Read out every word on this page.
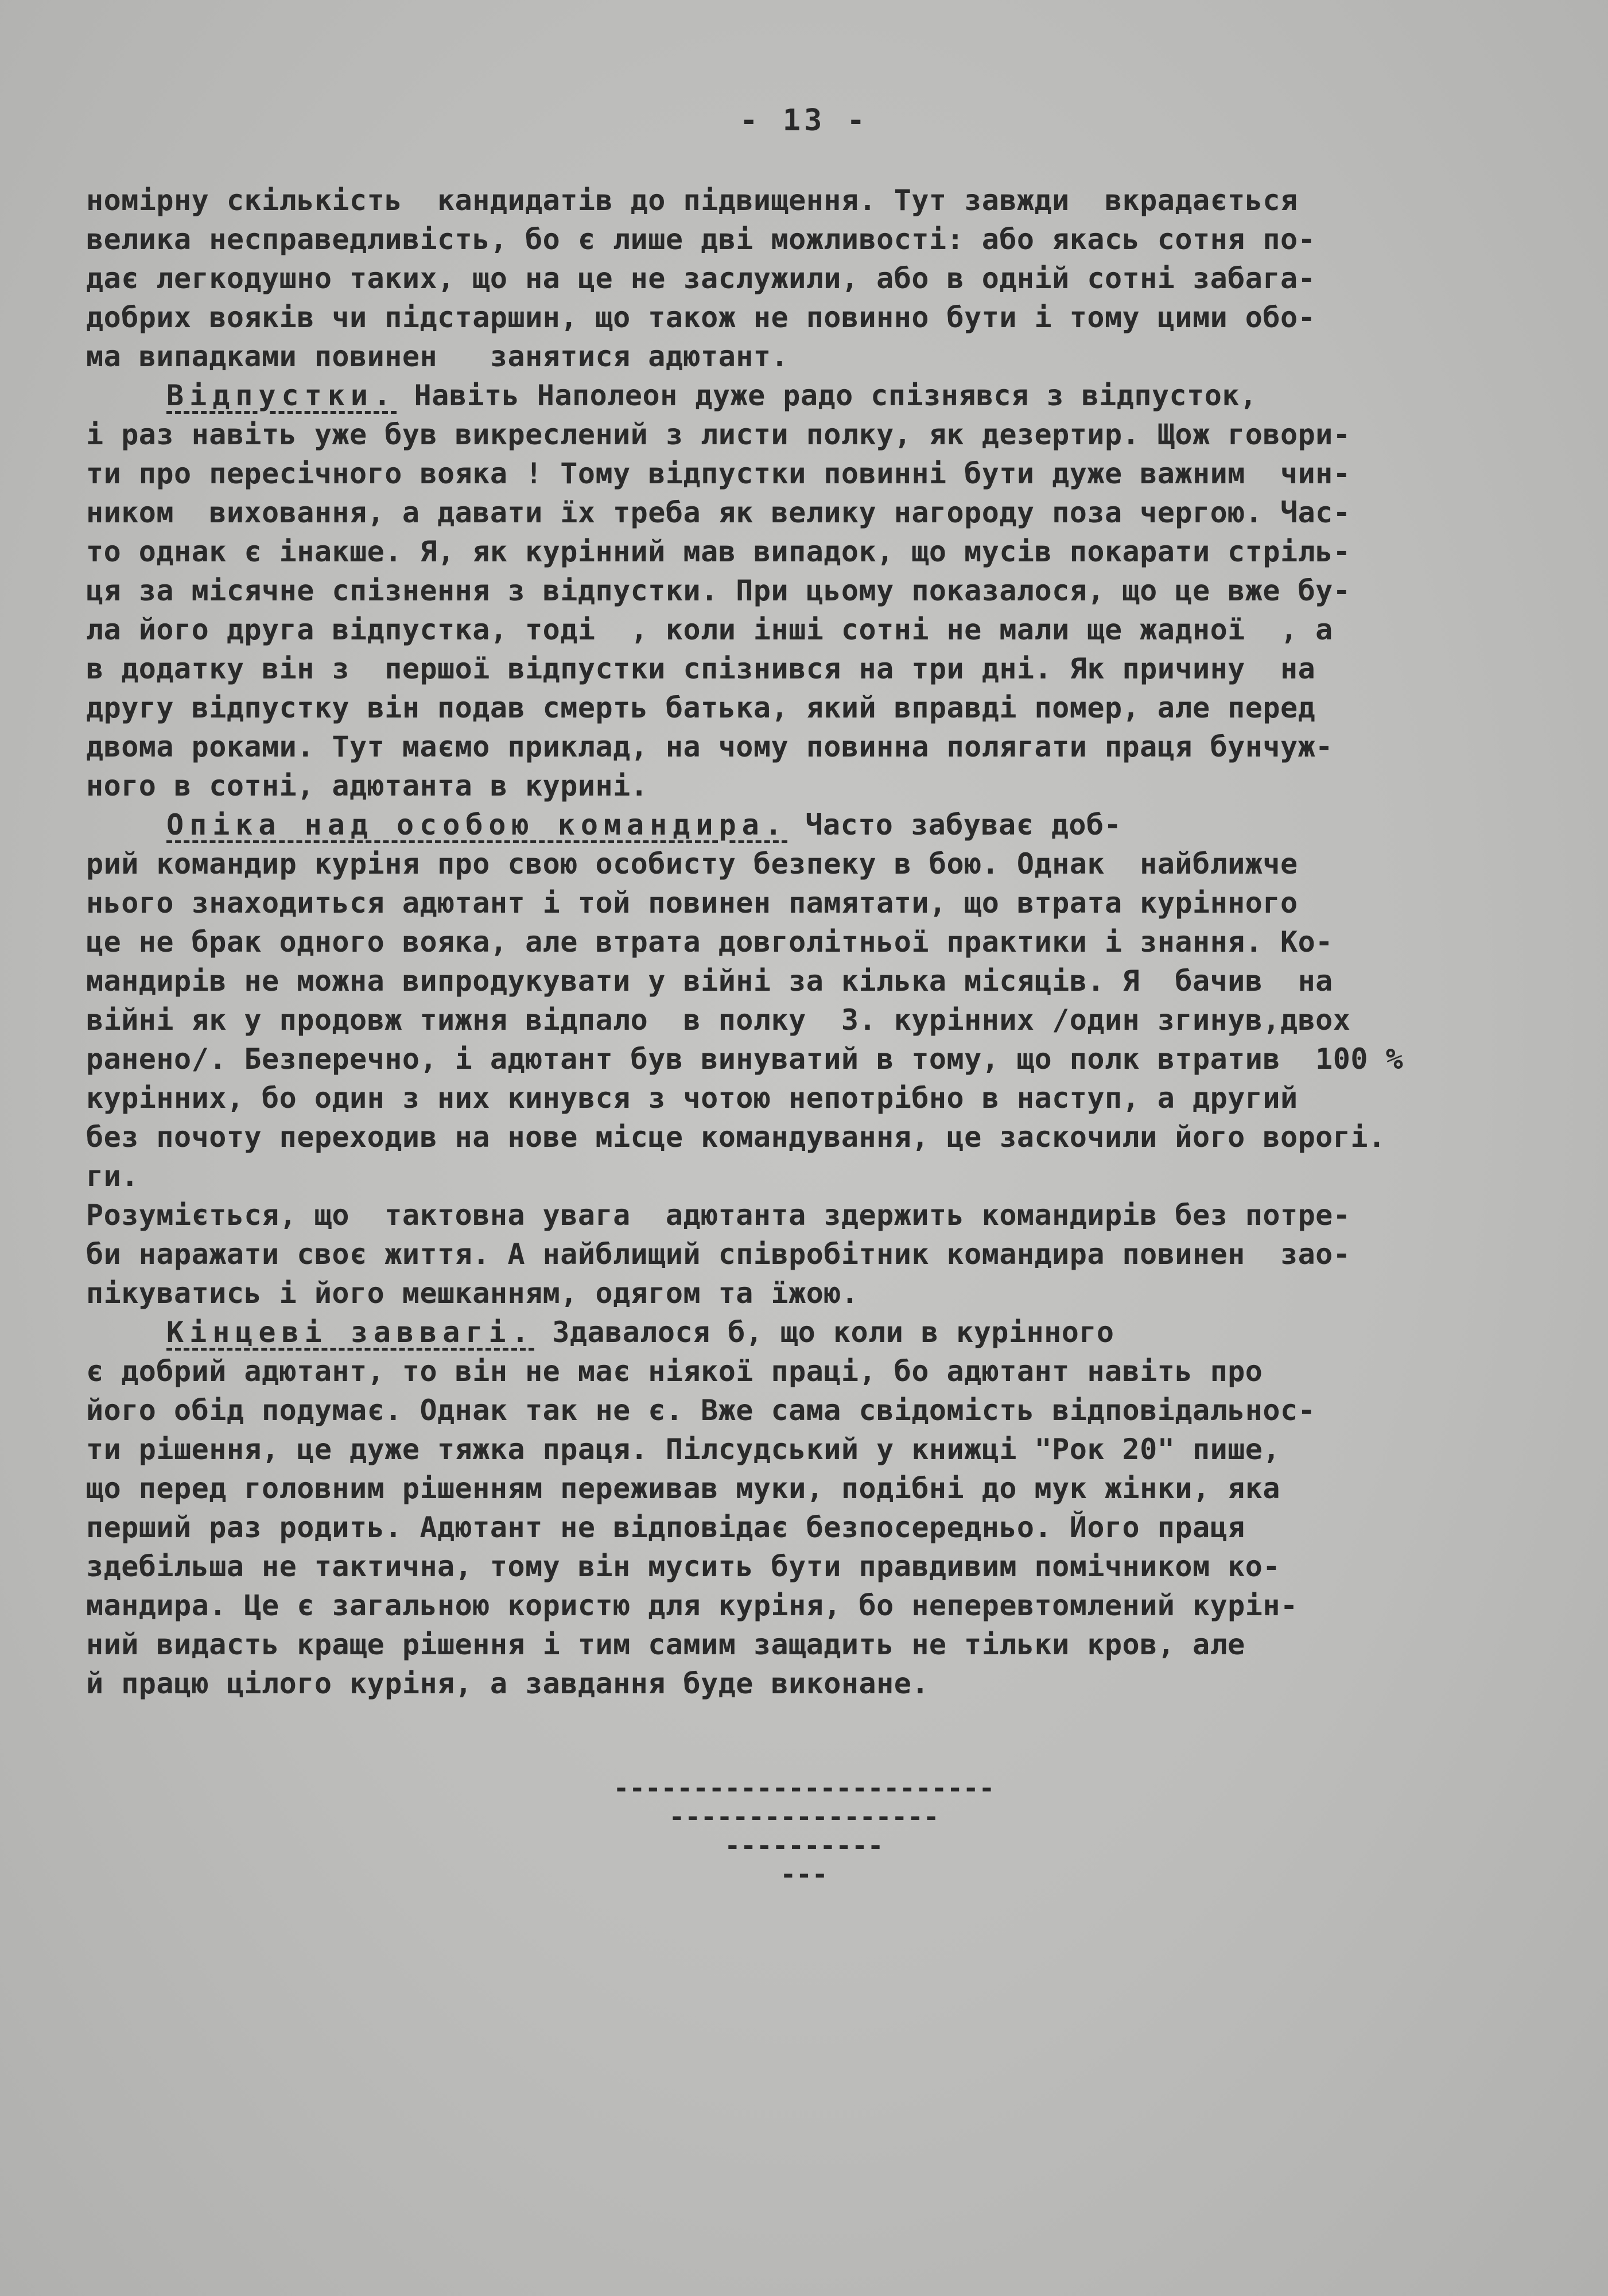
- 13 -
номірну скількість  кандидатів до підвищення. Тут завжди  вкрадається
велика несправедливість, бо є лише дві можливості: або якась сотня по-
дає легкодушно таких, що на це не заслужили, або в одній сотні забага-
добрих вояків чи підстаршин, що також не повинно бути і тому цими обо-
ма випадками повинен   занятися адютант.
Відпустки. Навіть Наполеон дуже радо спізнявся з відпусток,
і раз навіть уже був викреслений з листи полку, як дезертир. Щож говори-
ти про пересічного вояка ! Тому відпустки повинні бути дуже важним  чин-
ником  виховання, а давати їх треба як велику нагороду поза чергою. Час-
то однак є інакше. Я, як курінний мав випадок, що мусів покарати стріль-
ця за місячне спізнення з відпустки. При цьому показалося, що це вже бу-
ла його друга відпустка, тоді  , коли інші сотні не мали ще жадної  , а
в додатку він з  першої відпустки спізнився на три дні. Як причину  на
другу відпустку він подав смерть батька, який вправді помер, але перед
двома роками. Тут маємо приклад, на чому повинна полягати праця бунчуж-
ного в сотні, адютанта в курині.
Опіка над особою командира. Часто забуває доб-
рий командир куріня про свою особисту безпеку в бою. Однак  найближче
нього знаходиться адютант і той повинен памятати, що втрата курінного
це не брак одного вояка, але втрата довголітньої практики і знання. Ко-
мандирів не можна випродукувати у війні за кілька місяців. Я  бачив  на
війні як у продовж тижня відпало  в полку  3. курінних /один згинув,двох
ранено/. Безперечно, і адютант був винуватий в тому, що полк втратив  100 %
курінних, бо один з них кинувся з чотою непотрібно в наступ, а другий
без почоту переходив на нове місце командування, це заскочили його ворогі.
ги.
Розуміється, що  тактовна увага  адютанта здержить командирів без потре-
би наражати своє життя. А найблищий співробітник командира повинен  заo-
пікуватись і його мешканням, одягом та їжою.
Кінцеві заввагі. Здавалося б, що коли в курінного
є добрий адютант, то він не має ніякої праці, бо адютант навіть про
його обід подумає. Однак так не є. Вже сама свідомість відповідальнос-
ти рішення, це дуже тяжка праця. Пілсудський у книжці "Рок 20" пише,
що перед головним рішенням переживав муки, подібні до мук жінки, яка
перший раз родить. Адютант не відповідає безпосередньо. Його праця
здебільша не тактична, тому він мусить бути правдивим помічником ко-
мандира. Це є загальною користю для куріня, бо неперевтомлений курін-
ний видасть краще рішення і тим самим защадить не тільки кров, але
й працю цілого куріня, а завдання буде виконане.
------------------------
-----------------
----------
---
